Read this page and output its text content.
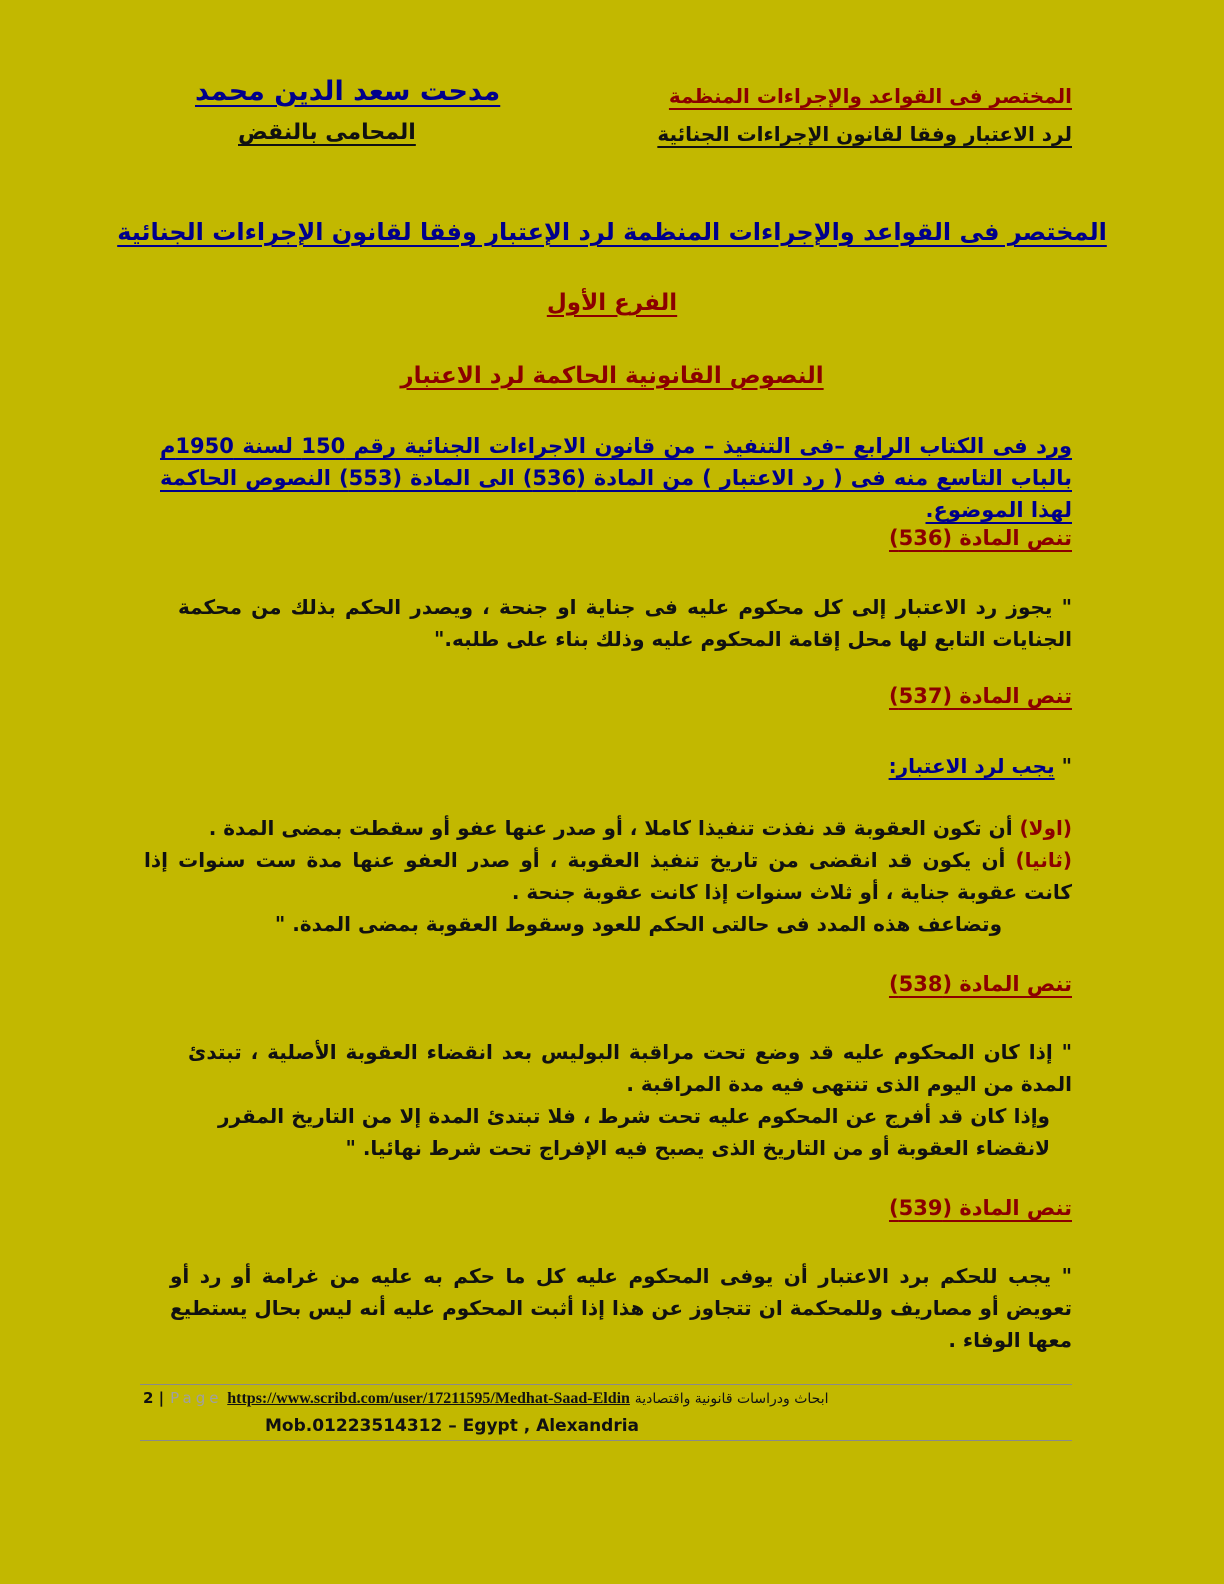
مدحت سعد الدين محمد
المحامى بالنقض
المختصر فى القواعد والإجراءات المنظمة
لرد الاعتبار وفقا لقانون الإجراءات الجنائية
المختصر فى القواعد والإجراءات المنظمة لرد الإعتبار وفقا لقانون الإجراءات الجنائية
الفرع الأول
النصوص القانونية الحاكمة لرد الاعتبار
ورد فى الكتاب الرابع –فى التنفيذ – من قانون الاجراءات الجنائية رقم 150 لسنة 1950م بالباب التاسع منه فى ( رد الاعتبار ) من المادة (536) الى المادة (553) النصوص الحاكمة لهذا الموضوع.
تنص المادة (536)
" يجوز رد الاعتبار إلى كل محكوم عليه فى جناية او جنحة ، ويصدر الحكم بذلك من محكمة الجنايات التابع لها محل إقامة المحكوم عليه وذلك بناء على طلبه."
تنص المادة (537)
" يجب لرد الاعتبار:
(اولا) أن تكون العقوبة قد نفذت تنفيذا كاملا ، أو صدر عنها عفو أو سقطت بمضى المدة .
(ثانيا) أن يكون قد انقضى من تاريخ تنفيذ العقوبة ، أو صدر العفو عنها مدة ست سنوات إذا كانت عقوبة جناية ، أو ثلاث سنوات إذا كانت عقوبة جنحة .
وتضاعف هذه المدد فى حالتى الحكم للعود وسقوط العقوبة بمضى المدة. "
تنص المادة (538)
" إذا كان المحكوم عليه قد وضع تحت مراقبة البوليس بعد انقضاء العقوبة الأصلية ، تبتدئ المدة من اليوم الذى تنتهى فيه مدة المراقبة .
وإذا كان قد أفرج عن المحكوم عليه تحت شرط ، فلا تبتدئ المدة إلا من التاريخ المقرر لانقضاء العقوبة أو من التاريخ الذى يصبح فيه الإفراج تحت شرط نهائيا. "
تنص المادة (539)
" يجب للحكم برد الاعتبار أن يوفى المحكوم عليه كل ما حكم به عليه من غرامة أو رد أو تعويض أو مصاريف وللمحكمة ان تتجاوز عن هذا إذا أثبت المحكوم عليه أنه ليس بحال يستطيع معها الوفاء .
2 | Page https://www.scribd.com/user/17211595/Medhat-Saad-Eldin ابحاث ودراسات قانونية واقتصادية
Mob.01223514312 – Egypt , Alexandria
